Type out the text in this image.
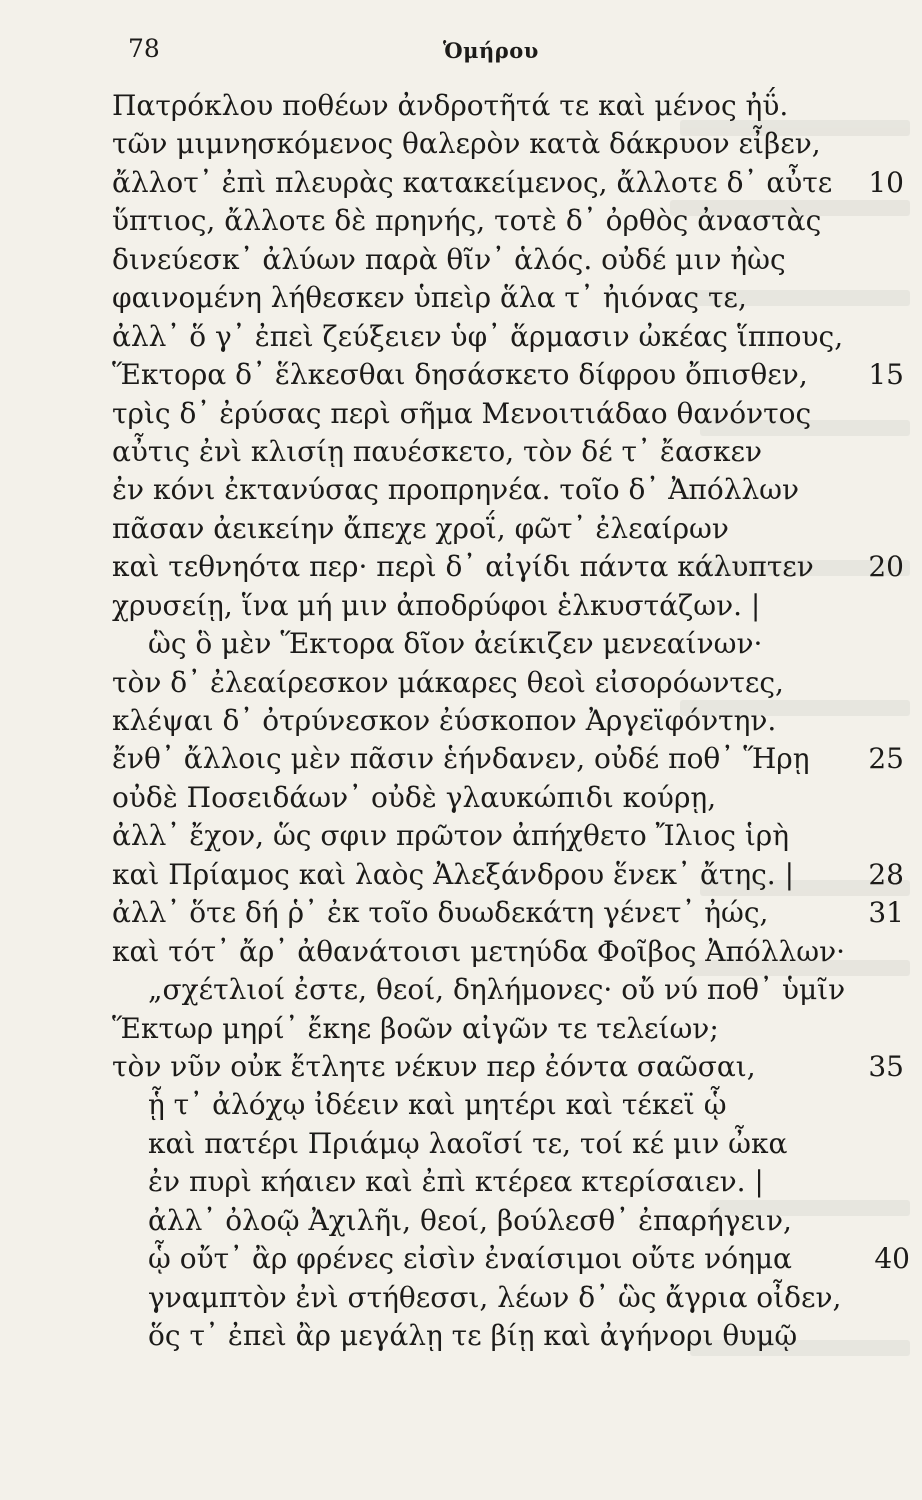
78	Ὁμήρου
Πατρόκλου ποθέων ἀνδροτῆτά τε καὶ μένος ἠΰ.
τῶν μιμνησκόμενος θαλερὸν κατὰ δάκρυον εἶβεν,
ἄλλοτ᾽ ἐπὶ πλευρὰς κατακείμενος, ἄλλοτε δ᾽ αὖτε 10
ὕπτιος, ἄλλοτε δὲ πρηνής, τοτὲ δ᾽ ὀρθὸς ἀναστὰς
δινεύεσκ᾽ ἀλύων παρὰ θῖν᾽ ἁλός. οὐδέ μιν ἠὼς
φαινομένη λήθεσκεν ὑπεὶρ ἅλα τ᾽ ἠιόνας τε,
ἀλλ᾽ ὅ γ᾽ ἐπεὶ ζεύξειεν ὑφ᾽ ἅρμασιν ὠκέας ἵππους,
Ἕκτορα δ᾽ ἕλκεσθαι δησάσκετο δίφρου ὄπισθεν, 15
τρὶς δ᾽ ἐρύσας περὶ σῆμα Μενοιτιάδαο θανόντος
αὖτις ἐνὶ κλισίῃ παυέσκετο, τὸν δέ τ᾽ ἔασκεν
ἐν κόνι ἐκτανύσας προπρηνέα. τοῖο δ᾽ Ἀπόλλων
πᾶσαν ἀεικείην ἄπεχε χροΐ, φῶτ᾽ ἐλεαίρων
καὶ τεθνηότα περ· περὶ δ᾽ αἰγίδι πάντα κάλυπτεν 20
χρυσείῃ, ἵνα μή μιν ἀποδρύφοι ἑλκυστάζων. |
ὣς ὃ μὲν Ἕκτορα δῖον ἀείκιζεν μενεαίνων·
τὸν δ᾽ ἐλεαίρεσκον μάκαρες θεοὶ εἰσορόωντες,
κλέψαι δ᾽ ὀτρύνεσκον ἐύσκοπον Ἀργεϊφόντην.
ἔνθ᾽ ἄλλοις μὲν πᾶσιν ἑήνδανεν, οὐδέ ποθ᾽ Ἥρῃ 25
οὐδὲ Ποσειδάων᾽ οὐδὲ γλαυκώπιδι κούρῃ,
ἀλλ᾽ ἔχον, ὥς σφιν πρῶτον ἀπήχθετο Ἴλιος ἱρὴ
καὶ Πρίαμος καὶ λαὸς Ἀλεξάνδρου ἕνεκ᾽ ἄτης. |	28
ἀλλ᾽ ὅτε δή ῥ᾽ ἐκ τοῖο δυωδεκάτη γένετ᾽ ἠώς,	31
καὶ τότ᾽ ἄρ᾽ ἀθανάτοισι μετηύδα Φοῖβος Ἀπόλλων·
„σχέτλιοί ἐστε, θεοί, δηλήμονες· οὔ νύ ποθ᾽ ὑμῖν
Ἕκτωρ μηρί᾽ ἔκηε βοῶν αἰγῶν τε τελείων;
τὸν νῦν οὐκ ἔτλητε νέκυν περ ἐόντα σαῶσαι,	35
ᾗ τ᾽ ἀλόχῳ ἰδέειν καὶ μητέρι καὶ τέκεϊ ᾧ
καὶ πατέρι Πριάμῳ λαοῖσί τε, τοί κέ μιν ὦκα
ἐν πυρὶ κήαιεν καὶ ἐπὶ κτέρεα κτερίσαιεν. |
ἀλλ᾽ ὀλοῷ Ἀχιλῆι, θεοί, βούλεσθ᾽ ἐπαρήγειν,
ᾧ οὔτ᾽ ἂρ φρένες εἰσὶν ἐναίσιμοι οὔτε νόημα	40
γναμπτὸν ἐνὶ στήθεσσι, λέων δ᾽ ὣς ἄγρια οἶδεν,
ὅς τ᾽ ἐπεὶ ἂρ μεγάλῃ τε βίῃ καὶ ἀγήνορι θυμῷ
